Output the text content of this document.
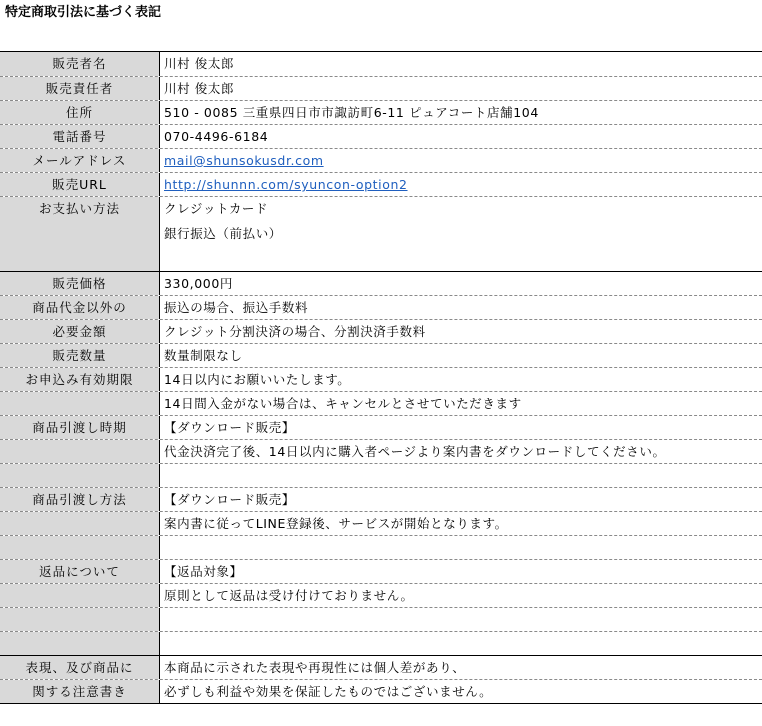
特定商取引法に基づく表記
販売者名	川村 俊太郎
販売責任者	川村 俊太郎
住所	510 - 0085 三重県四日市市諏訪町6-11 ピュアコート店舗104
電話番号	070-4496-6184
メールアドレス	mail@shunsokusdr.com
販売URL	http://shunnn.com/syuncon-option2
お支払い方法	クレジットカード
銀行振込（前払い）
販売価格	330,000円
商品代金以外の	振込の場合、振込手数料
必要金額	クレジット分割決済の場合、分割決済手数料
販売数量	数量制限なし
お申込み有効期限	14日以内にお願いいたします。
14日間入金がない場合は、キャンセルとさせていただきます
商品引渡し時期	【ダウンロード販売】
代金決済完了後、14日以内に購入者ページより案内書をダウンロードしてください。
商品引渡し方法	【ダウンロード販売】
案内書に従ってLINE登録後、サービスが開始となります。
返品について	【返品対象】
原則として返品は受け付けておりません。
表現、及び商品に	本商品に示された表現や再現性には個人差があり、
関する注意書き	必ずしも利益や効果を保証したものではございません。
